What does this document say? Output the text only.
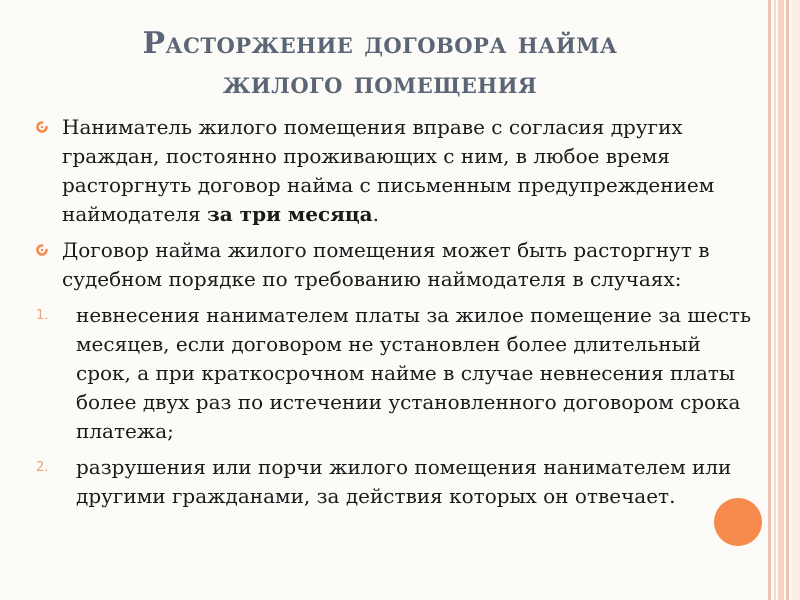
Расторжение договора найма
жилого помещения
Наниматель жилого помещения вправе с согласия других граждан, постоянно проживающих с ним, в любое время расторгнуть договор найма с письменным предупреждением наймодателя за три месяца.
Договор найма жилого помещения может быть расторгнут в судебном порядке по требованию наймодателя в случаях:
1. невнесения нанимателем платы за жилое помещение за шесть месяцев, если договором не установлен более длительный срок, а при краткосрочном найме в случае невнесения платы более двух раз по истечении установленного договором срока платежа;
2. разрушения или порчи жилого помещения нанимателем или другими гражданами, за действия которых он отвечает.
